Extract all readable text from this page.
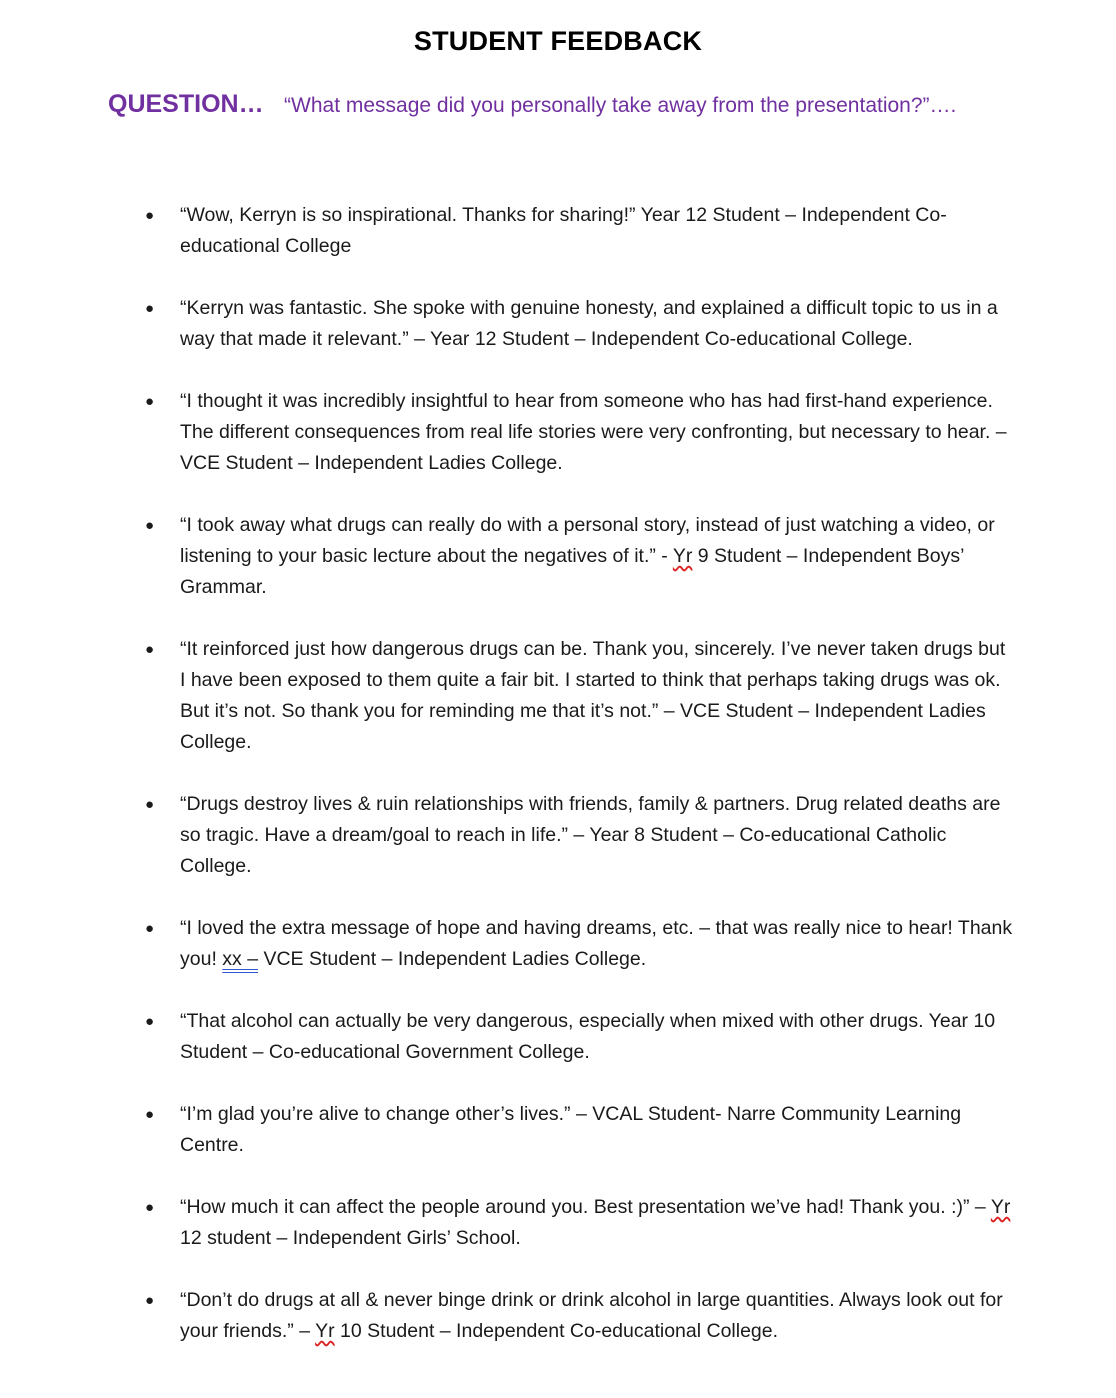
STUDENT FEEDBACK
QUESTION… “What message did you personally take away from the presentation?”….
● “Wow, Kerryn is so inspirational. Thanks for sharing!” Year 12 Student – Independent Co-educational College
● “Kerryn was fantastic. She spoke with genuine honesty, and explained a difficult topic to us in a way that made it relevant.” – Year 12 Student – Independent Co-educational College.
● “I thought it was incredibly insightful to hear from someone who has had first-hand experience. The different consequences from real life stories were very confronting, but necessary to hear. – VCE Student – Independent Ladies College.
● “I took away what drugs can really do with a personal story, instead of just watching a video, or listening to your basic lecture about the negatives of it.” - Yr 9 Student – Independent Boys’ Grammar.
● “It reinforced just how dangerous drugs can be. Thank you, sincerely. I’ve never taken drugs but I have been exposed to them quite a fair bit. I started to think that perhaps taking drugs was ok. But it’s not. So thank you for reminding me that it’s not.” – VCE Student – Independent Ladies College.
● “Drugs destroy lives & ruin relationships with friends, family & partners. Drug related deaths are so tragic. Have a dream/goal to reach in life.” – Year 8 Student – Co-educational Catholic College.
● “I loved the extra message of hope and having dreams, etc. – that was really nice to hear! Thank you! xx – VCE Student – Independent Ladies College.
● “That alcohol can actually be very dangerous, especially when mixed with other drugs. Year 10 Student – Co-educational Government College.
● “I’m glad you’re alive to change other’s lives.” – VCAL Student- Narre Community Learning Centre.
● “How much it can affect the people around you. Best presentation we’ve had! Thank you. :)” – Yr 12 student – Independent Girls’ School.
● “Don’t do drugs at all & never binge drink or drink alcohol in large quantities. Always look out for your friends.” – Yr 10 Student – Independent Co-educational College.
